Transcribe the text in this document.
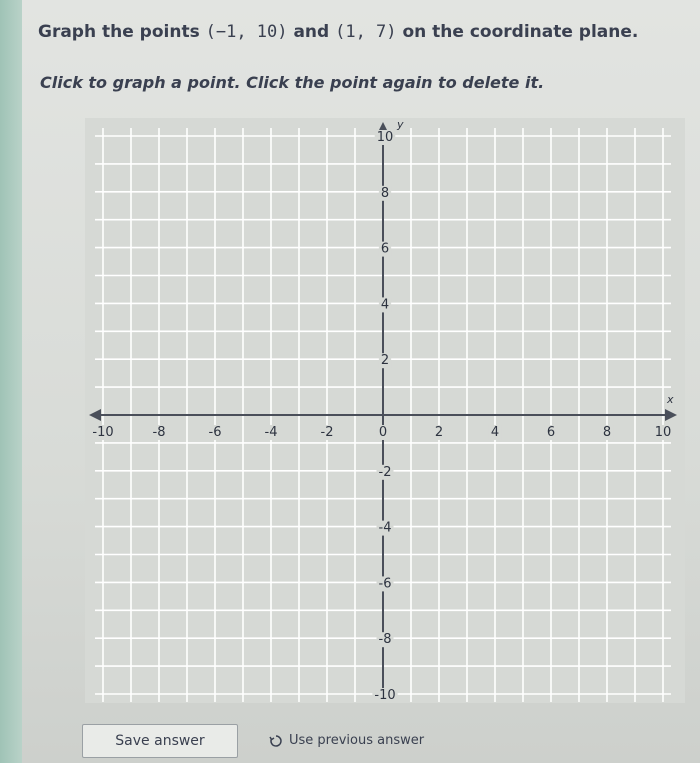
Graph the points (−1, 10) and (1, 7) on the coordinate plane.
Click to graph a point. Click the point again to delete it.
x
y
-10	-8	-6	-4	-2	0	2	4	6	8	10
10
8
6
4
2
-2
-4
-6
-8
-10
Save answer	Use previous answer
